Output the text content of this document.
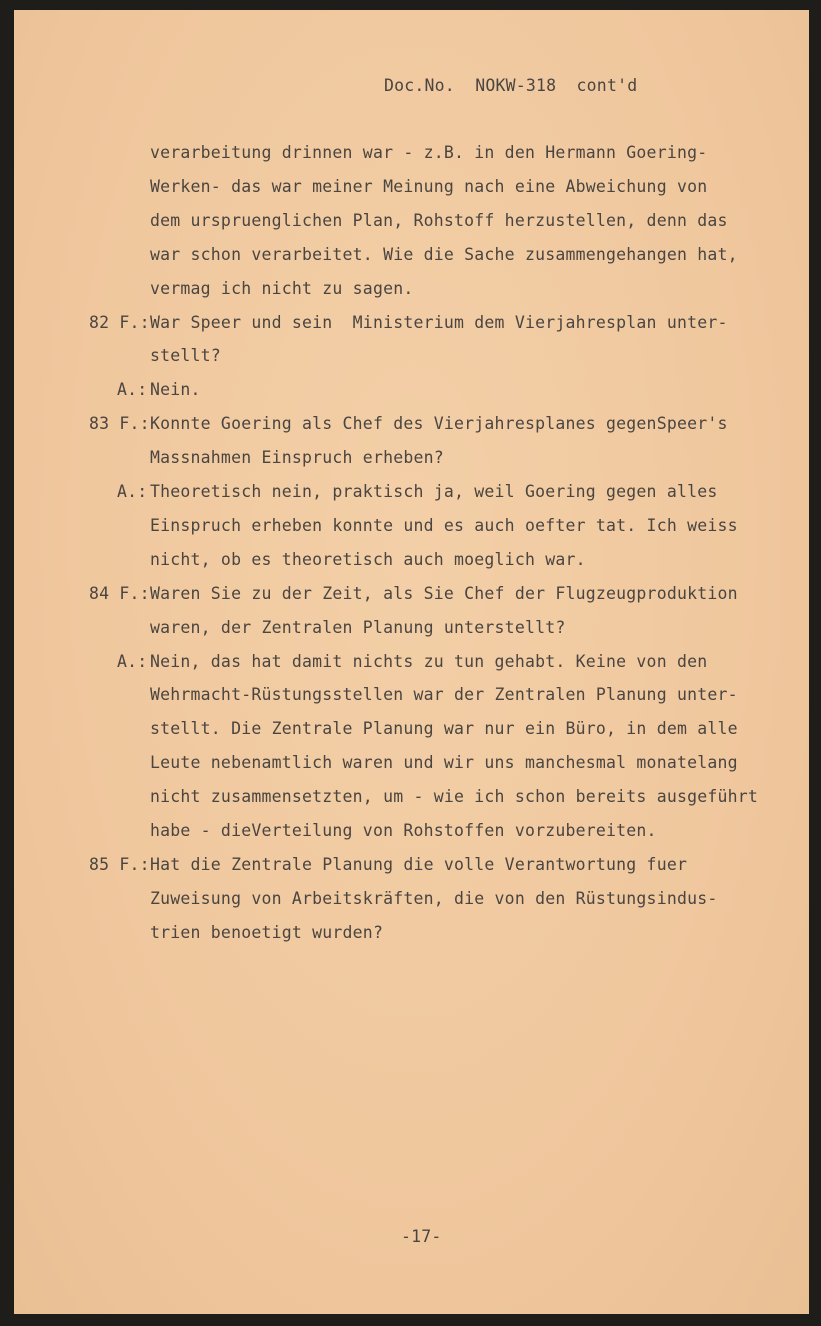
Doc.No.  NOKW-318  cont'd
verarbeitung drinnen war - z.B. in den Hermann Goering-
Werken- das war meiner Meinung nach eine Abweichung von
dem urspruenglichen Plan, Rohstoff herzustellen, denn das
war schon verarbeitet. Wie die Sache zusammengehangen hat,
vermag ich nicht zu sagen.
War Speer und sein  Ministerium dem Vierjahresplan unter-
82 F.:
stellt?
Nein.
A.:
Konnte Goering als Chef des Vierjahresplanes gegenSpeer's
83 F.:
Massnahmen Einspruch erheben?
Theoretisch nein, praktisch ja, weil Goering gegen alles
A.:
Einspruch erheben konnte und es auch oefter tat. Ich weiss
nicht, ob es theoretisch auch moeglich war.
Waren Sie zu der Zeit, als Sie Chef der Flugzeugproduktion
84 F.:
waren, der Zentralen Planung unterstellt?
Nein, das hat damit nichts zu tun gehabt. Keine von den
A.:
Wehrmacht-Rüstungsstellen war der Zentralen Planung unter-
stellt. Die Zentrale Planung war nur ein Büro, in dem alle
Leute nebenamtlich waren und wir uns manchesmal monatelang
nicht zusammensetzten, um - wie ich schon bereits ausgeführt
habe - dieVerteilung von Rohstoffen vorzubereiten.
Hat die Zentrale Planung die volle Verantwortung fuer
85 F.:
Zuweisung von Arbeitskräften, die von den Rüstungsindus-
trien benoetigt wurden?
-17-
